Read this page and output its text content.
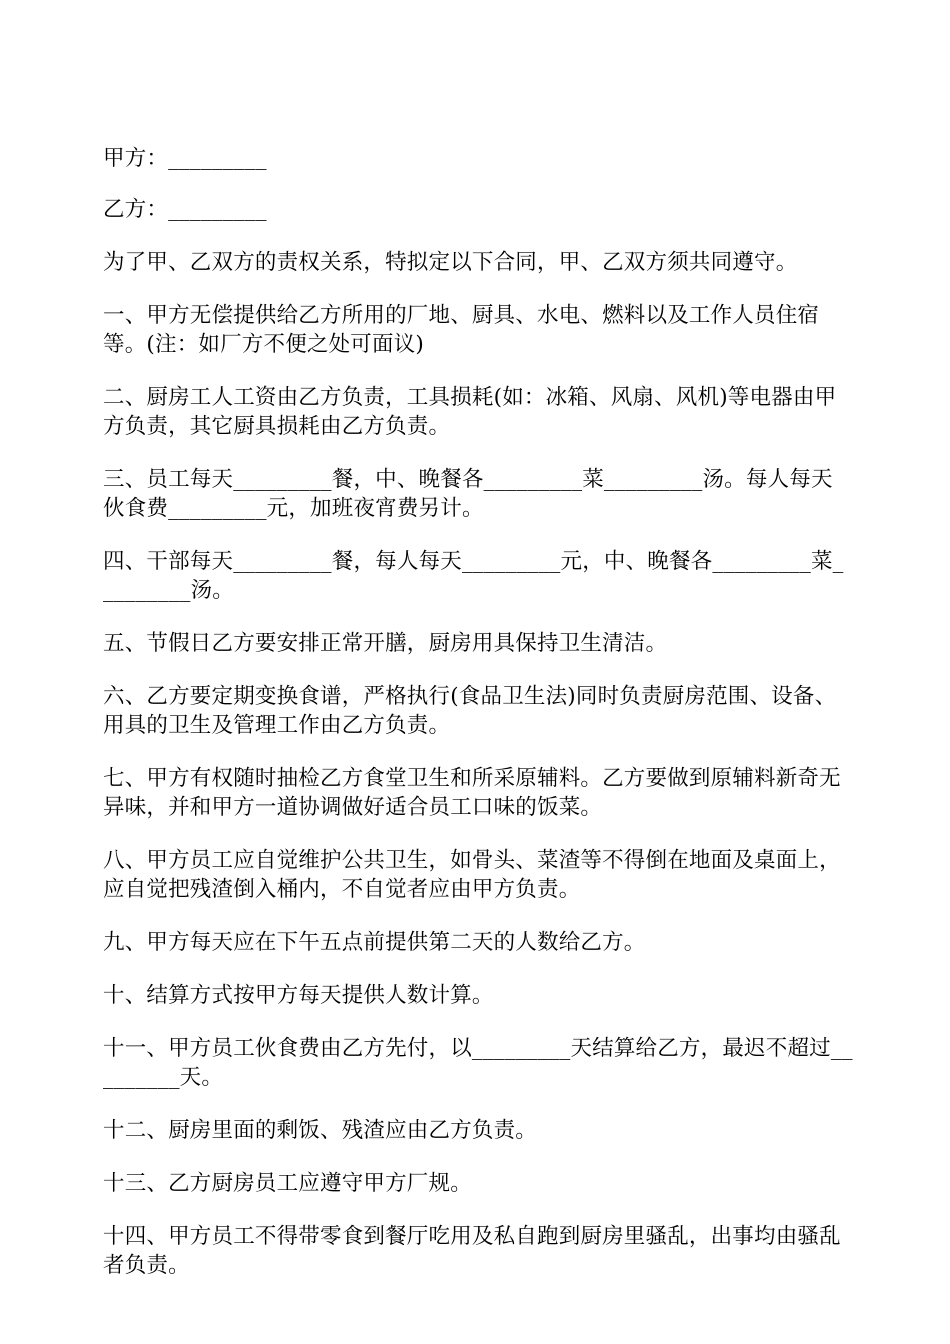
甲方：_________

乙方：_________

为了甲、乙双方的责权关系，特拟定以下合同，甲、乙双方须共同遵守。

一、甲方无偿提供给乙方所用的厂地、厨具、水电、燃料以及工作人员住宿等。(注：如厂方不便之处可面议)

二、厨房工人工资由乙方负责，工具损耗(如：冰箱、风扇、风机)等电器由甲方负责，其它厨具损耗由乙方负责。

三、员工每天_________餐，中、晚餐各_________菜_________汤。每人每天伙食费_________元，加班夜宵费另计。

四、干部每天_________餐，每人每天_________元，中、晚餐各_________菜_________汤。

五、节假日乙方要安排正常开膳，厨房用具保持卫生清洁。

六、乙方要定期变换食谱，严格执行(食品卫生法)同时负责厨房范围、设备、用具的卫生及管理工作由乙方负责。

七、甲方有权随时抽检乙方食堂卫生和所采原辅料。乙方要做到原辅料新奇无异味，并和甲方一道协调做好适合员工口味的饭菜。

八、甲方员工应自觉维护公共卫生，如骨头、菜渣等不得倒在地面及桌面上，应自觉把残渣倒入桶内，不自觉者应由甲方负责。

九、甲方每天应在下午五点前提供第二天的人数给乙方。

十、结算方式按甲方每天提供人数计算。

十一、甲方员工伙食费由乙方先付，以_________天结算给乙方，最迟不超过_________天。

十二、厨房里面的剩饭、残渣应由乙方负责。

十三、乙方厨房员工应遵守甲方厂规。

十四、甲方员工不得带零食到餐厅吃用及私自跑到厨房里骚乱，出事均由骚乱者负责。
